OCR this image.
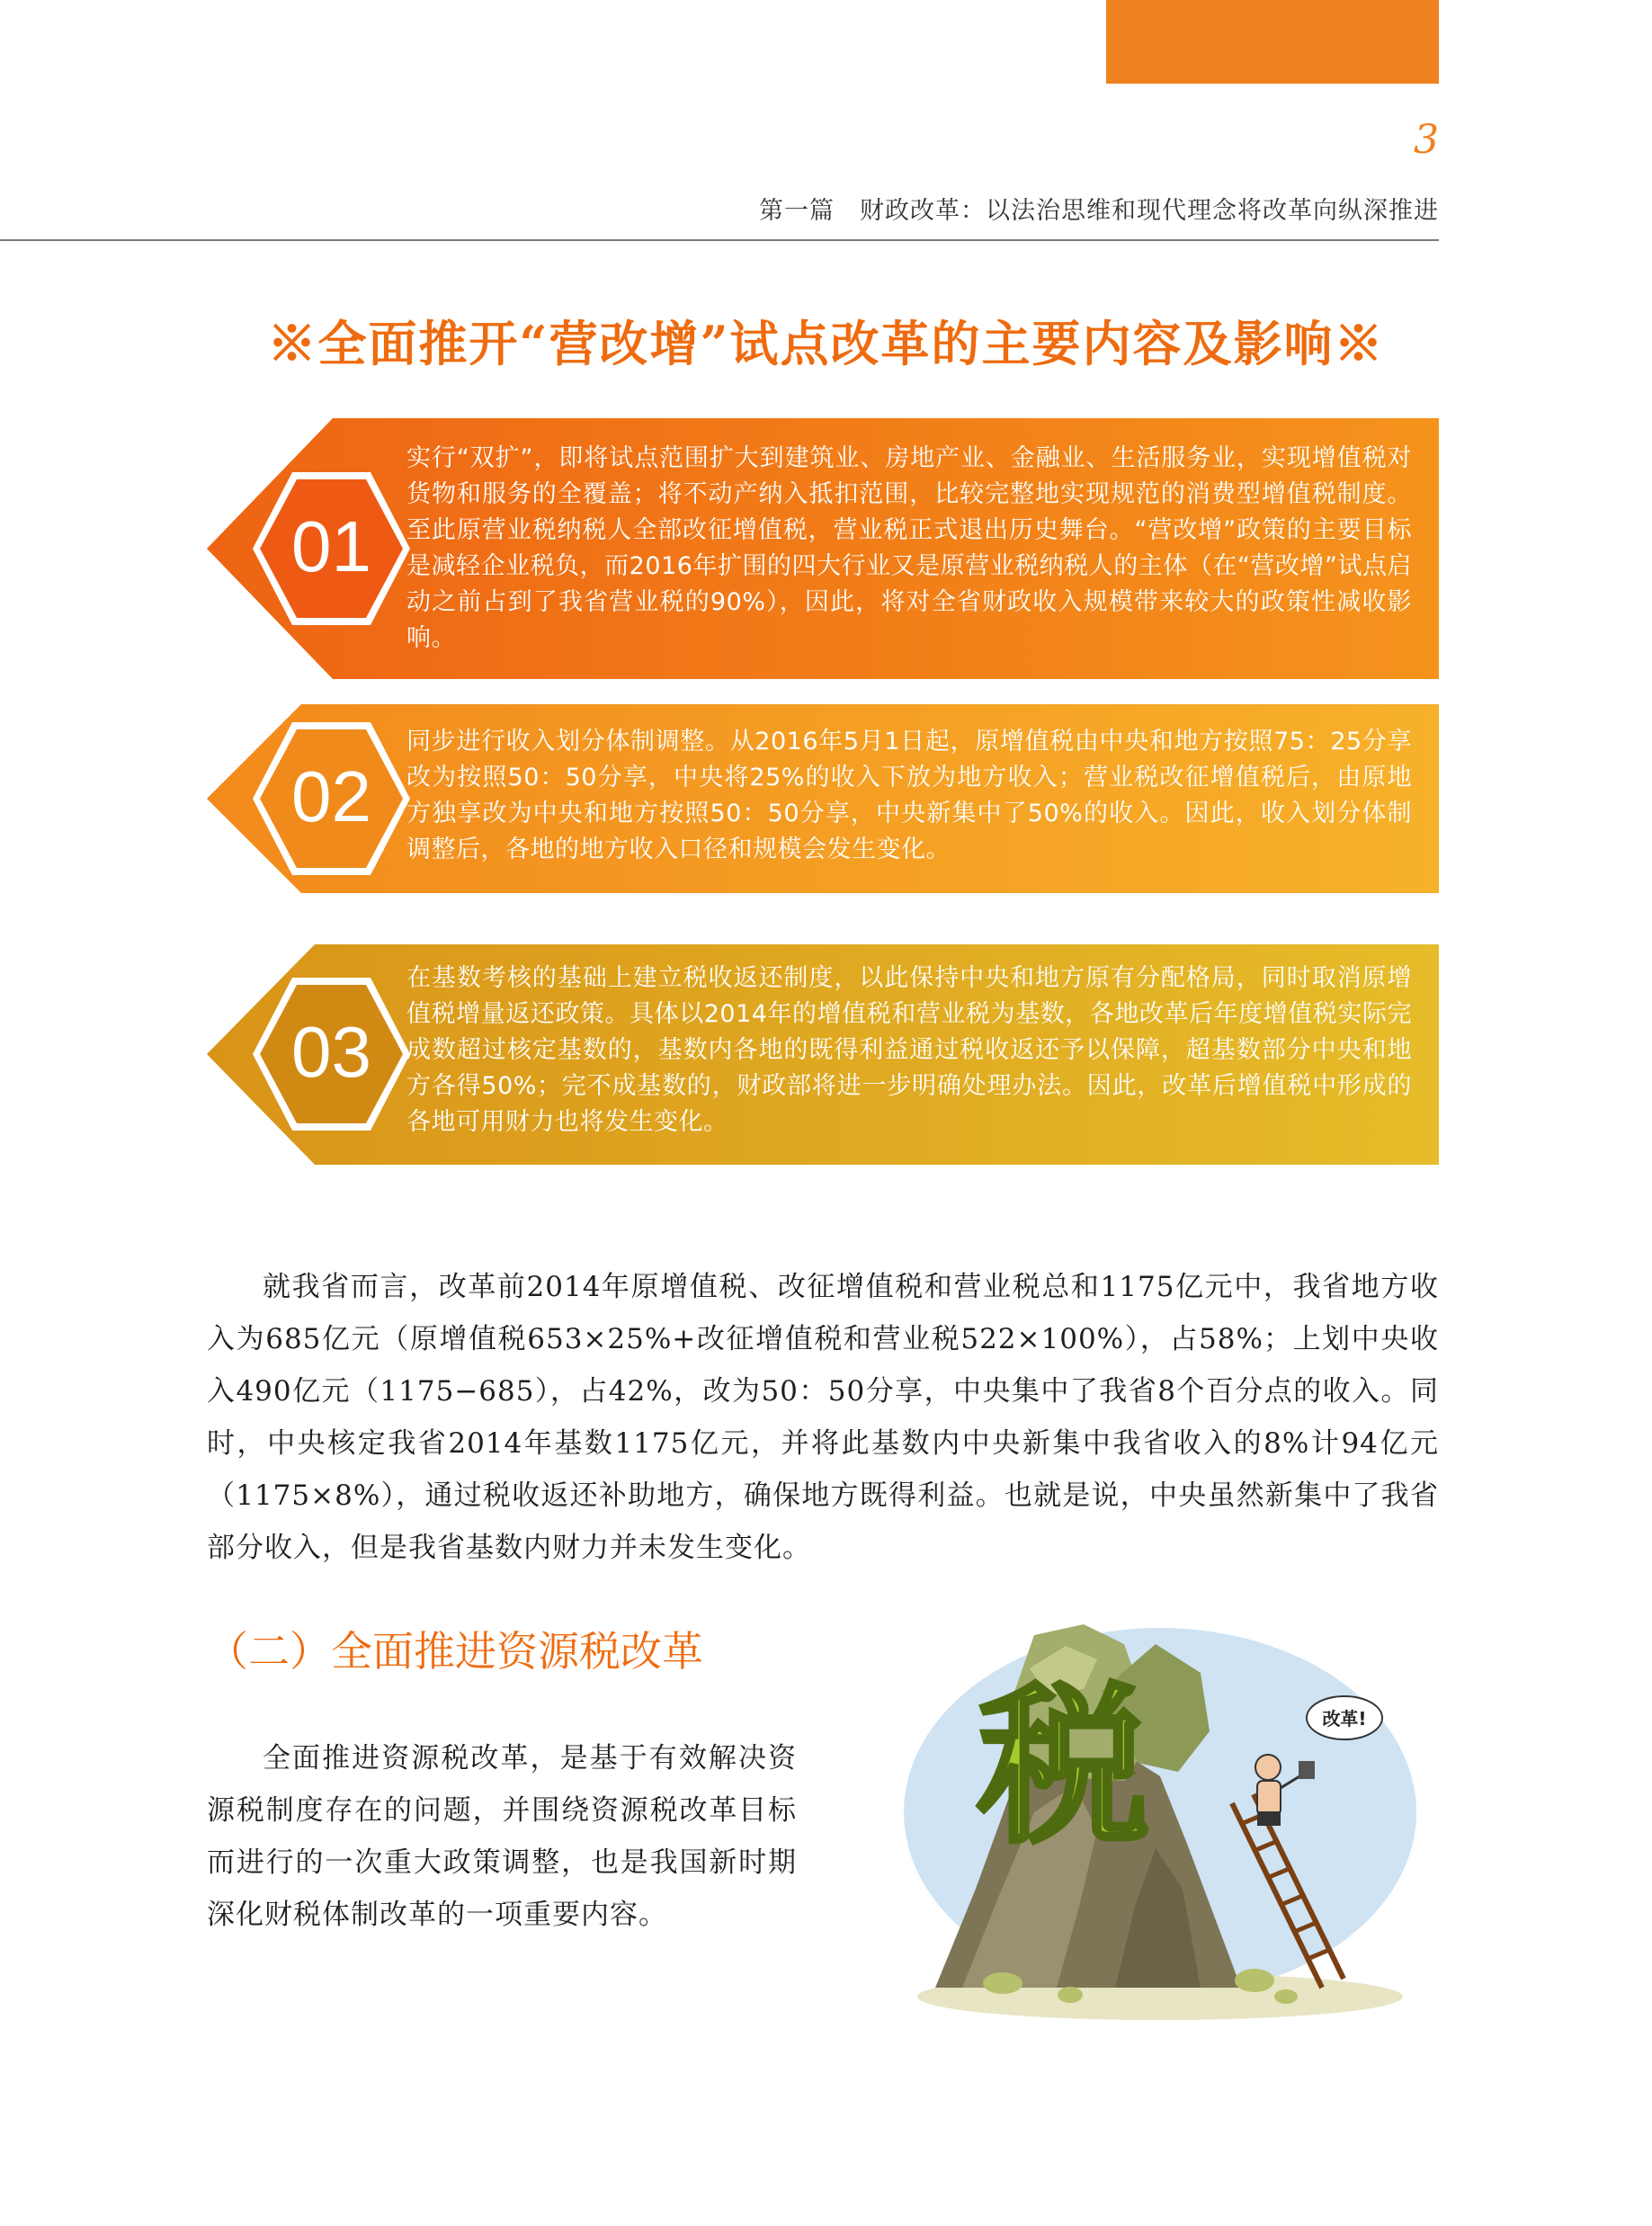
3
第一篇　财政改革：以法治思维和现代理念将改革向纵深推进
※全面推开“营改增”试点改革的主要内容及影响※
01
实行“双扩”，即将试点范围扩大到建筑业、房地产业、金融业、生活服务业，实现增值税对货物和服务的全覆盖；将不动产纳入抵扣范围，比较完整地实现规范的消费型增值税制度。至此原营业税纳税人全部改征增值税，营业税正式退出历史舞台。“营改增”政策的主要目标是减轻企业税负，而2016年扩围的四大行业又是原营业税纳税人的主体（在“营改增”试点启动之前占到了我省营业税的90%），因此，将对全省财政收入规模带来较大的政策性减收影响。
02
同步进行收入划分体制调整。从2016年5月1日起，原增值税由中央和地方按照75：25分享改为按照50：50分享，中央将25%的收入下放为地方收入；营业税改征增值税后，由原地方独享改为中央和地方按照50：50分享，中央新集中了50%的收入。因此，收入划分体制调整后，各地的地方收入口径和规模会发生变化。
03
在基数考核的基础上建立税收返还制度，以此保持中央和地方原有分配格局，同时取消原增值税增量返还政策。具体以2014年的增值税和营业税为基数，各地改革后年度增值税实际完成数超过核定基数的，基数内各地的既得利益通过税收返还予以保障，超基数部分中央和地方各得50%；完不成基数的，财政部将进一步明确处理办法。因此，改革后增值税中形成的各地可用财力也将发生变化。
就我省而言，改革前2014年原增值税、改征增值税和营业税总和1175亿元中，我省地方收入为685亿元（原增值税653×25%+改征增值税和营业税522×100%），占58%；上划中央收入490亿元（1175−685），占42%，改为50：50分享，中央集中了我省8个百分点的收入。同时，中央核定我省2014年基数1175亿元，并将此基数内中央新集中我省收入的8%计94亿元（1175×8%），通过税收返还补助地方，确保地方既得利益。也就是说，中央虽然新集中了我省部分收入，但是我省基数内财力并未发生变化。
（二）全面推进资源税改革
全面推进资源税改革，是基于有效解决资源税制度存在的问题，并围绕资源税改革目标而进行的一次重大政策调整，也是我国新时期深化财税体制改革的一项重要内容。
税	改革!
